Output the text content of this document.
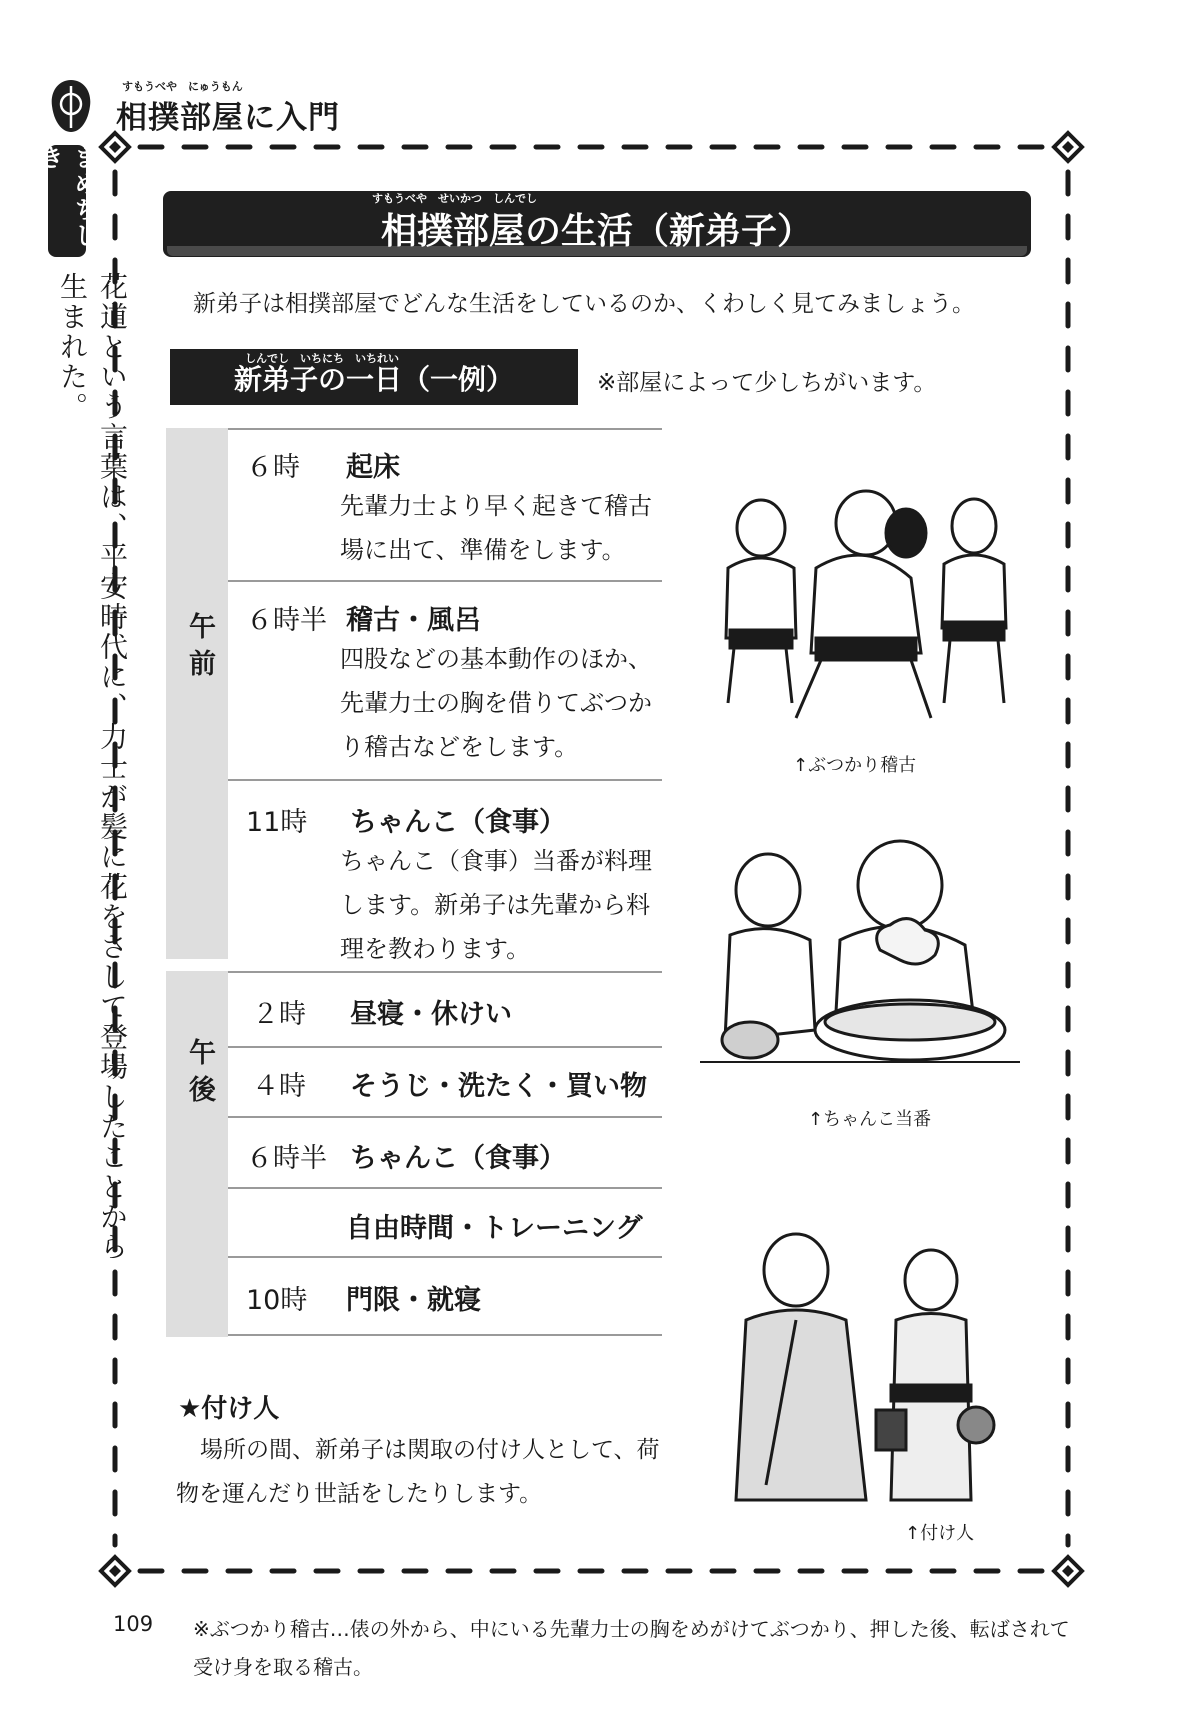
すもうべや　にゅうもん
相撲部屋に入門
まめちしき
花道という言葉は、平安時代に、力士が髪に花をさして登場したことから生まれた。
すもうべや　せいかつ　しんでし
相撲部屋の生活（新弟子）
新弟子は相撲部屋でどんな生活をしているのか、くわしく見てみましょう。
しんでし　いちにち　いちれい
新弟子の一日（一例）	※部屋によって少しちがいます。
午前
午後
６時 起床
先輩力士より早く起きて稽古場に出て、準備をします。
６時半 稽古・風呂
四股などの基本動作のほか、先輩力士の胸を借りてぶつかり稽古などをします。
11時 ちゃんこ（食事）
ちゃんこ（食事）当番が料理します。新弟子は先輩から料理を教わります。
２時 昼寝・休けい
４時 そうじ・洗たく・買い物
６時半 ちゃんこ（食事）
自由時間・トレーニング
10時 門限・就寝
★付け人
場所の間、新弟子は関取の付け人として、荷物を運んだり世話をしたりします。
↑ぶつかり稽古
↑ちゃんこ当番
↑付け人
109 ※ぶつかり稽古…俵の外から、中にいる先輩力士の胸をめがけてぶつかり、押した後、転ばされて受け身を取る稽古。
